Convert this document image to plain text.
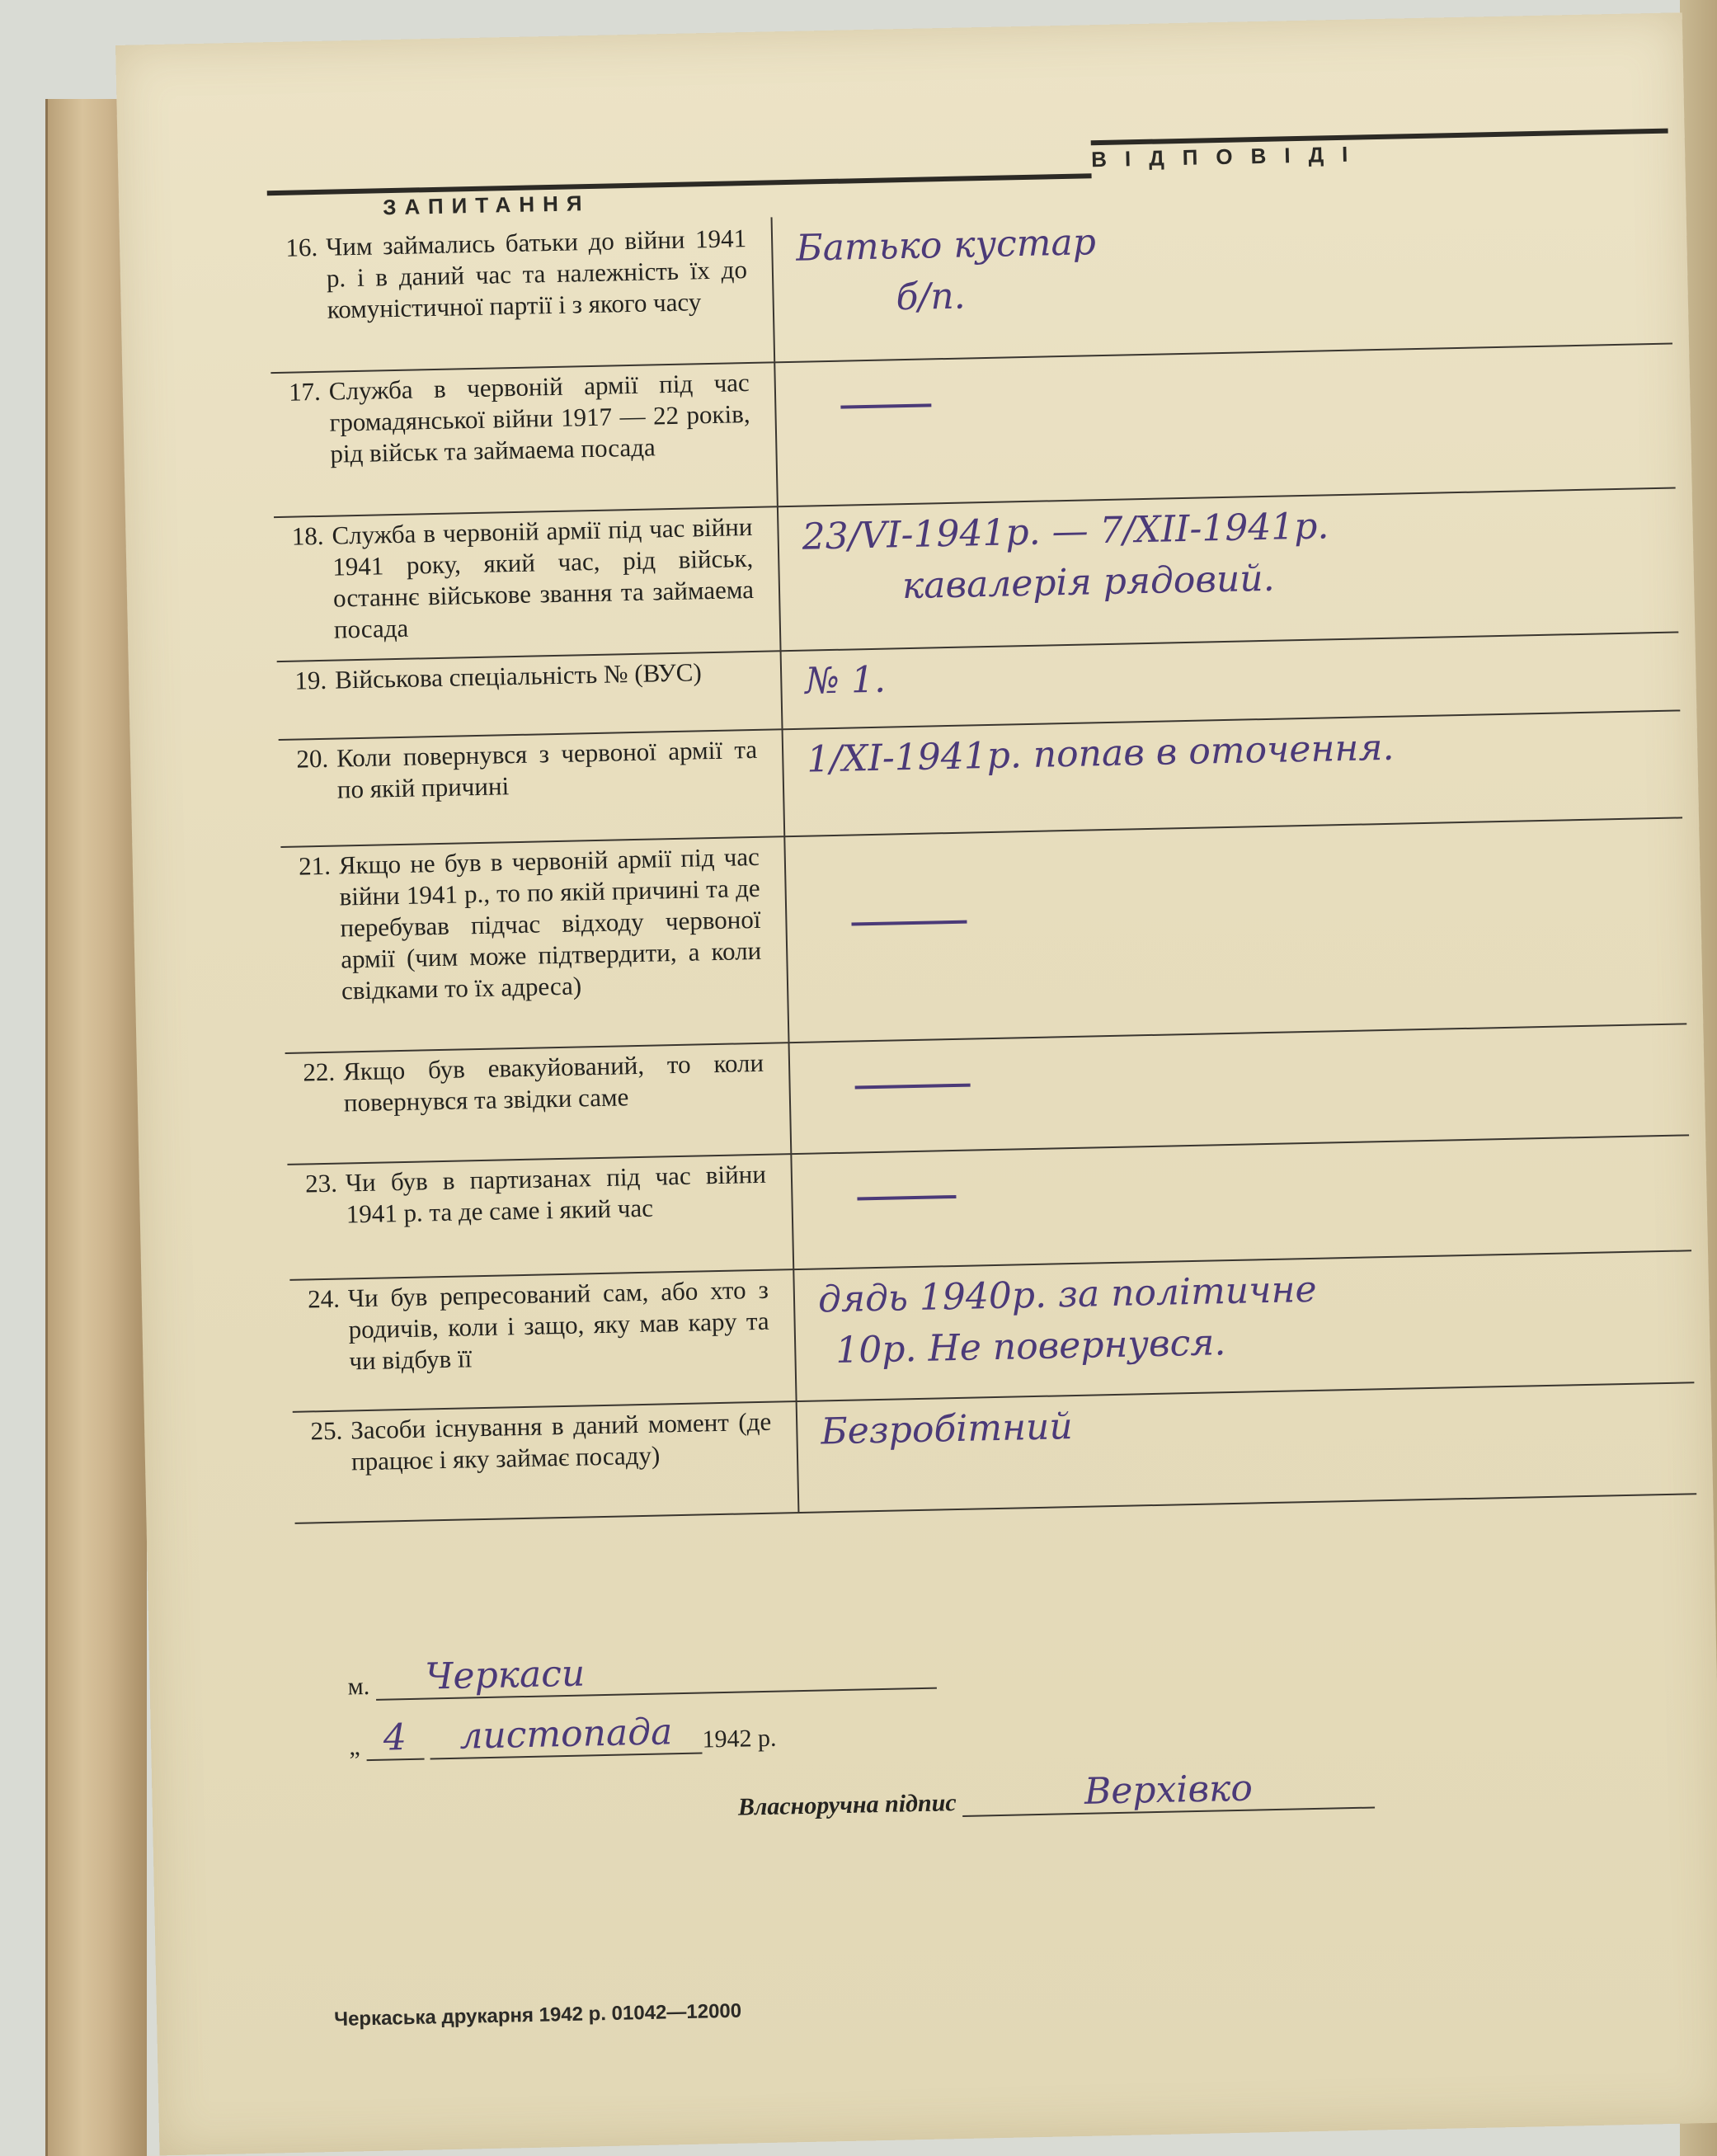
ЗАПИТАННЯ
ВІДПОВІДІ
16. Чим займались батьки до війни 1941 р. і в даний час та належність їх до комуністичної партії і з якого часу
Батько кустар
б/п.
17. Служба в червоній армії під час громадянської війни 1917 — 22 років, рід військ та займаема посада
18. Служба в червоній армії під час війни 1941 року, який час, рід військ, останнє військове звання та займаема посада
23/VI-1941р. — 7/XII-1941р.
кавалерія рядовий.
19. Військова спеціальність № (ВУС)	№ 1.
20. Коли повернувся з червоної армії та по якій причині
1/XI-1941р. попав в оточення.
21. Якщо не був в червоній армії під час війни 1941 р., то по якій причині та де перебував підчас відходу червоної армії (чим може підтвердити, а коли свідками то їх адреса)
22. Якщо був евакуйований, то коли повернувся та звідки саме
23. Чи був в партизанах під час війни 1941 р. та де саме і який час
24. Чи був репресований сам, або хто з родичів, коли і защо, яку мав кару та чи відбув її
дядь 1940р. за політичне
10р. Не повернувся.
25. Засоби існування в даний момент (де працює і яку займає посаду)
Безробітний
м. Черкаси
„ 4 листопада 1942 р.
Власноручна підпис	Верхівко
Черкаська друкарня 1942 р. 01042—12000
